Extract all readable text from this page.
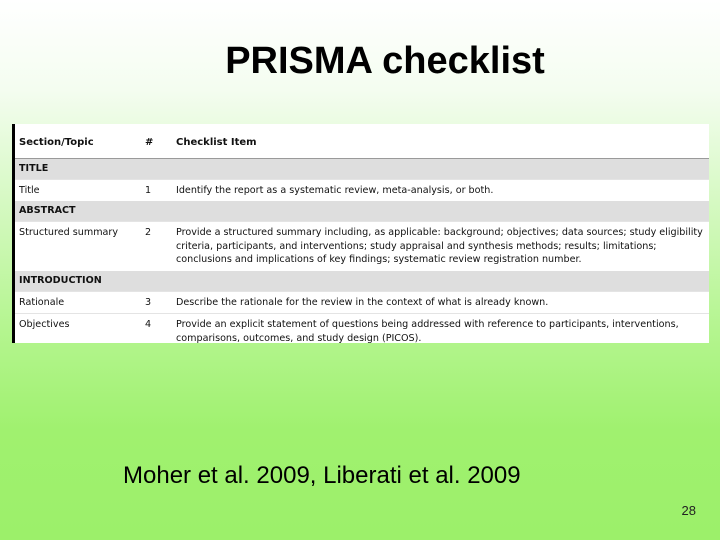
PRISMA checklist
Section/Topic	#	Checklist Item
TITLE		
Title	1	Identify the report as a systematic review, meta-analysis, or both.
ABSTRACT		
Structured summary	2	Provide a structured summary including, as applicable: background; objectives; data sources; study eligibility criteria, participants, and interventions; study appraisal and synthesis methods; results; limitations; conclusions and implications of key findings; systematic review registration number.
INTRODUCTION		
Rationale	3	Describe the rationale for the review in the context of what is already known.
Objectives	4	Provide an explicit statement of questions being addressed with reference to participants, interventions, comparisons, outcomes, and study design (PICOS).
Moher et al. 2009, Liberati et al. 2009
28
